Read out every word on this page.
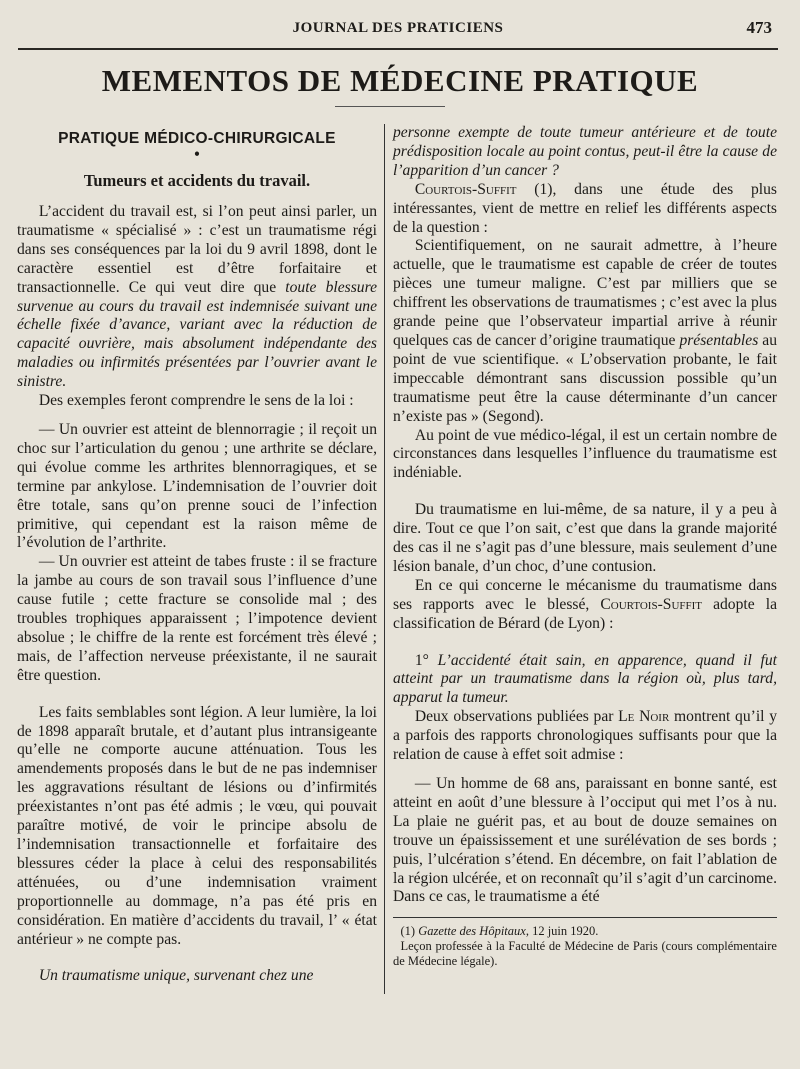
JOURNAL DES PRATICIENS	473
MEMENTOS DE MÉDECINE PRATIQUE
PRATIQUE MÉDICO-CHIRURGICALE
•
Tumeurs et accidents du travail.

L’accident du travail est, si l’on peut ainsi parler, un traumatisme « spécialisé » : c’est un traumatisme régi dans ses conséquences par la loi du 9 avril 1898, dont le caractère essentiel est d’être forfaitaire et transactionnelle. Ce qui veut dire que toute blessure survenue au cours du travail est indemnisée suivant une échelle fixée d’avance, variant avec la réduction de capacité ouvrière, mais absolument indépendante des maladies ou infirmités présentées par l’ouvrier avant le sinistre.

Des exemples feront comprendre le sens de la loi :

— Un ouvrier est atteint de blennorragie ; il reçoit un choc sur l’articulation du genou ; une arthrite se déclare, qui évolue comme les arthrites blennorragiques, et se termine par ankylose. L’indemnisation de l’ouvrier doit être totale, sans qu’on prenne souci de l’infection primitive, qui cependant est la raison même de l’évolution de l’arthrite.

— Un ouvrier est atteint de tabes fruste : il se fracture la jambe au cours de son travail sous l’influence d’une cause futile ; cette fracture se consolide mal ; des troubles trophiques apparaissent ; l’impotence devient absolue ; le chiffre de la rente est forcément très élevé ; mais, de l’affection nerveuse préexistante, il ne saurait être question.

Les faits semblables sont légion. A leur lumière, la loi de 1898 apparaît brutale, et d’autant plus intransigeante qu’elle ne comporte aucune atténuation. Tous les amendements proposés dans le but de ne pas indemniser les aggravations résultant de lésions ou d’infirmités préexistantes n’ont pas été admis ; le vœu, qui pouvait paraître motivé, de voir le principe absolu de l’indemnisation transactionnelle et forfaitaire des blessures céder la place à celui des responsabilités atténuées, ou d’une indemnisation vraiment proportionnelle au dommage, n’a pas été pris en considération. En matière d’accidents du travail, l’ « état antérieur » ne compte pas.

Un traumatisme unique, survenant chez une

personne exempte de toute tumeur antérieure et de toute prédisposition locale au point contus, peut-il être la cause de l’apparition d’un cancer ?

Courtois-Suffit (1), dans une étude des plus intéressantes, vient de mettre en relief les différents aspects de la question :

Scientifiquement, on ne saurait admettre, à l’heure actuelle, que le traumatisme est capable de créer de toutes pièces une tumeur maligne. C’est par milliers que se chiffrent les observations de traumatismes ; c’est avec la plus grande peine que l’observateur impartial arrive à réunir quelques cas de cancer d’origine traumatique présentables au point de vue scientifique. « L’observation probante, le fait impeccable démontrant sans discussion possible qu’un traumatisme peut être la cause déterminante d’un cancer n’existe pas » (Segond).

Au point de vue médico-légal, il est un certain nombre de circonstances dans lesquelles l’influence du traumatisme est indéniable.

Du traumatisme en lui-même, de sa nature, il y a peu à dire. Tout ce que l’on sait, c’est que dans la grande majorité des cas il ne s’agit pas d’une blessure, mais seulement d’une lésion banale, d’un choc, d’une contusion.

En ce qui concerne le mécanisme du traumatisme dans ses rapports avec le blessé, Courtois-Suffit adopte la classification de Bérard (de Lyon) :

1° L’accidenté était sain, en apparence, quand il fut atteint par un traumatisme dans la région où, plus tard, apparut la tumeur.

Deux observations publiées par Le Noir montrent qu’il y a parfois des rapports chronologiques suffisants pour que la relation de cause à effet soit admise :

— Un homme de 68 ans, paraissant en bonne santé, est atteint en août d’une blessure à l’occiput qui met l’os à nu. La plaie ne guérit pas, et au bout de douze semaines on trouve un épaississement et une surélévation de ses bords ; puis, l’ulcération s’étend. En décembre, on fait l’ablation de la région ulcérée, et on reconnaît qu’il s’agit d’un carcinome. Dans ce cas, le traumatisme a été

(1) Gazette des Hôpitaux, 12 juin 1920.
Leçon professée à la Faculté de Médecine de Paris (cours complémentaire de Médecine légale).
